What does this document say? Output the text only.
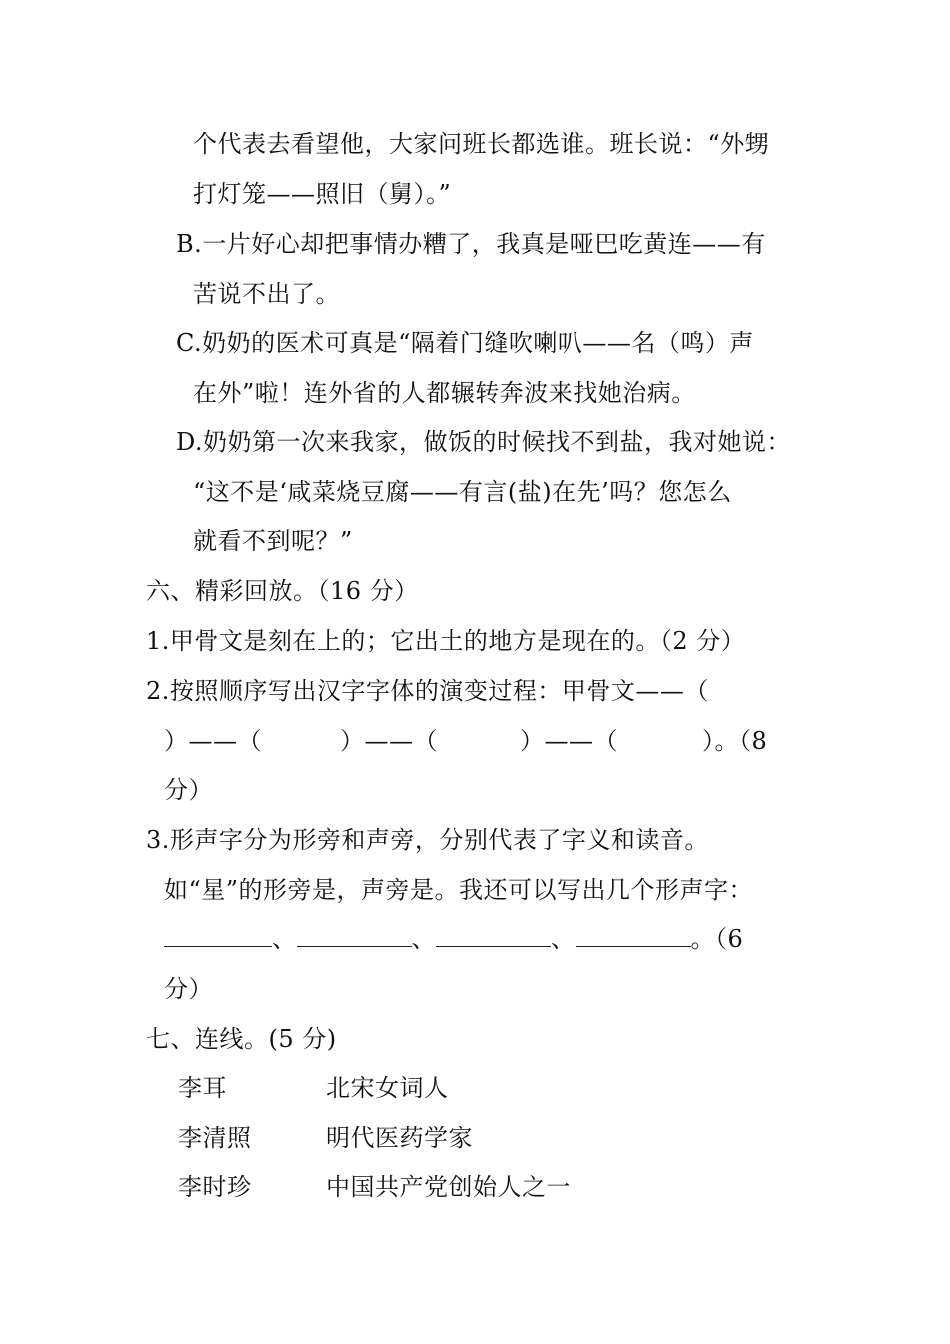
个代表去看望他，大家问班长都选谁。班长说：“外甥
打灯笼——照旧（舅）。”
B.一片好心却把事情办糟了，我真是哑巴吃黄连——有
苦说不出了。
C.奶奶的医术可真是“隔着门缝吹喇叭——名（鸣）声
在外”啦！连外省的人都辗转奔波来找她治病。
D.奶奶第一次来我家，做饭的时候找不到盐，我对她说：
“这不是‘咸菜烧豆腐——有言(盐)在先’吗？您怎么
就看不到呢？”
六、精彩回放。（16 分）
1.甲骨文是刻在上的；它出土的地方是现在的。（2 分）
2.按照顺序写出汉字字体的演变过程：甲骨文——（
）——（	）——（	）——（	）。（8
分）
3.形声字分为形旁和声旁，分别代表了字义和读音。
如“星”的形旁是，声旁是。我还可以写出几个形声字：
、	、	、	。（6
分）
七、连线。(5 分)
李耳	北宋女词人
李清照	明代医药学家
李时珍	中国共产党创始人之一
